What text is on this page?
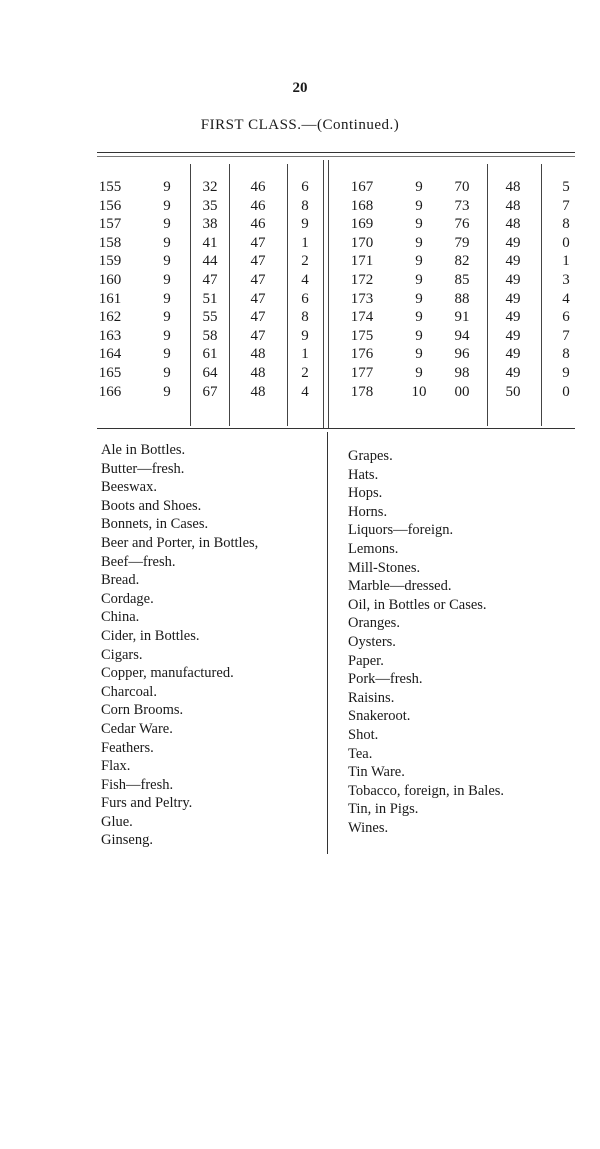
20
FIRST CLASS.—(Continued.)
155	9	32	46	6	167	9	70	48	5
156	9	35	46	8	168	9	73	48	7
157	9	38	46	9	169	9	76	48	8
158	9	41	47	1	170	9	79	49	0
159	9	44	47	2	171	9	82	49	1
160	9	47	47	4	172	9	85	49	3
161	9	51	47	6	173	9	88	49	4
162	9	55	47	8	174	9	91	49	6
163	9	58	47	9	175	9	94	49	7
164	9	61	48	1	176	9	96	49	8
165	9	64	48	2	177	9	98	49	9
166	9	67	48	4	178	10	00	50	0
Ale in Bottles.
Butter—fresh.
Beeswax.
Boots and Shoes.
Bonnets, in Cases.
Beer and Porter, in Bottles,
Beef—fresh.
Bread.
Cordage.
China.
Cider, in Bottles.
Cigars.
Copper, manufactured.
Charcoal.
Corn Brooms.
Cedar Ware.
Feathers.
Flax.
Fish—fresh.
Furs and Peltry.
Glue.
Ginseng.
Grapes.
Hats.
Hops.
Horns.
Liquors—foreign.
Lemons.
Mill-Stones.
Marble—dressed.
Oil, in Bottles or Cases.
Oranges.
Oysters.
Paper.
Pork—fresh.
Raisins.
Snakeroot.
Shot.
Tea.
Tin Ware.
Tobacco, foreign, in Bales.
Tin, in Pigs.
Wines.
